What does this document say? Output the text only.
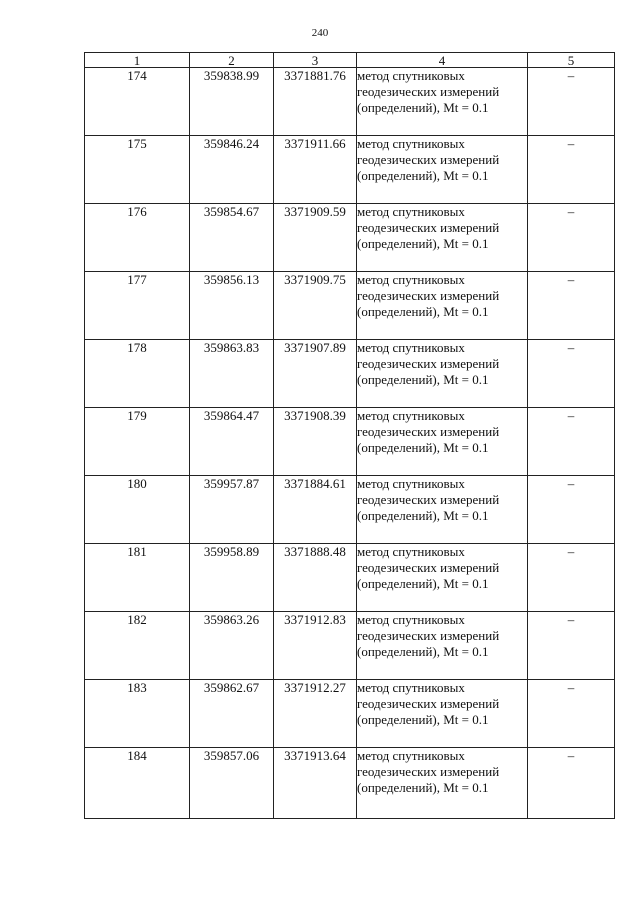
240
1	2	3	4	5
174	359838.99	3371881.76	метод спутниковых геодезических измерений (определений), Mt = 0.1	–
175	359846.24	3371911.66	метод спутниковых геодезических измерений (определений), Mt = 0.1	–
176	359854.67	3371909.59	метод спутниковых геодезических измерений (определений), Mt = 0.1	–
177	359856.13	3371909.75	метод спутниковых геодезических измерений (определений), Mt = 0.1	–
178	359863.83	3371907.89	метод спутниковых геодезических измерений (определений), Mt = 0.1	–
179	359864.47	3371908.39	метод спутниковых геодезических измерений (определений), Mt = 0.1	–
180	359957.87	3371884.61	метод спутниковых геодезических измерений (определений), Mt = 0.1	–
181	359958.89	3371888.48	метод спутниковых геодезических измерений (определений), Mt = 0.1	–
182	359863.26	3371912.83	метод спутниковых геодезических измерений (определений), Mt = 0.1	–
183	359862.67	3371912.27	метод спутниковых геодезических измерений (определений), Mt = 0.1	–
184	359857.06	3371913.64	метод спутниковых геодезических измерений (определений), Mt = 0.1	–
